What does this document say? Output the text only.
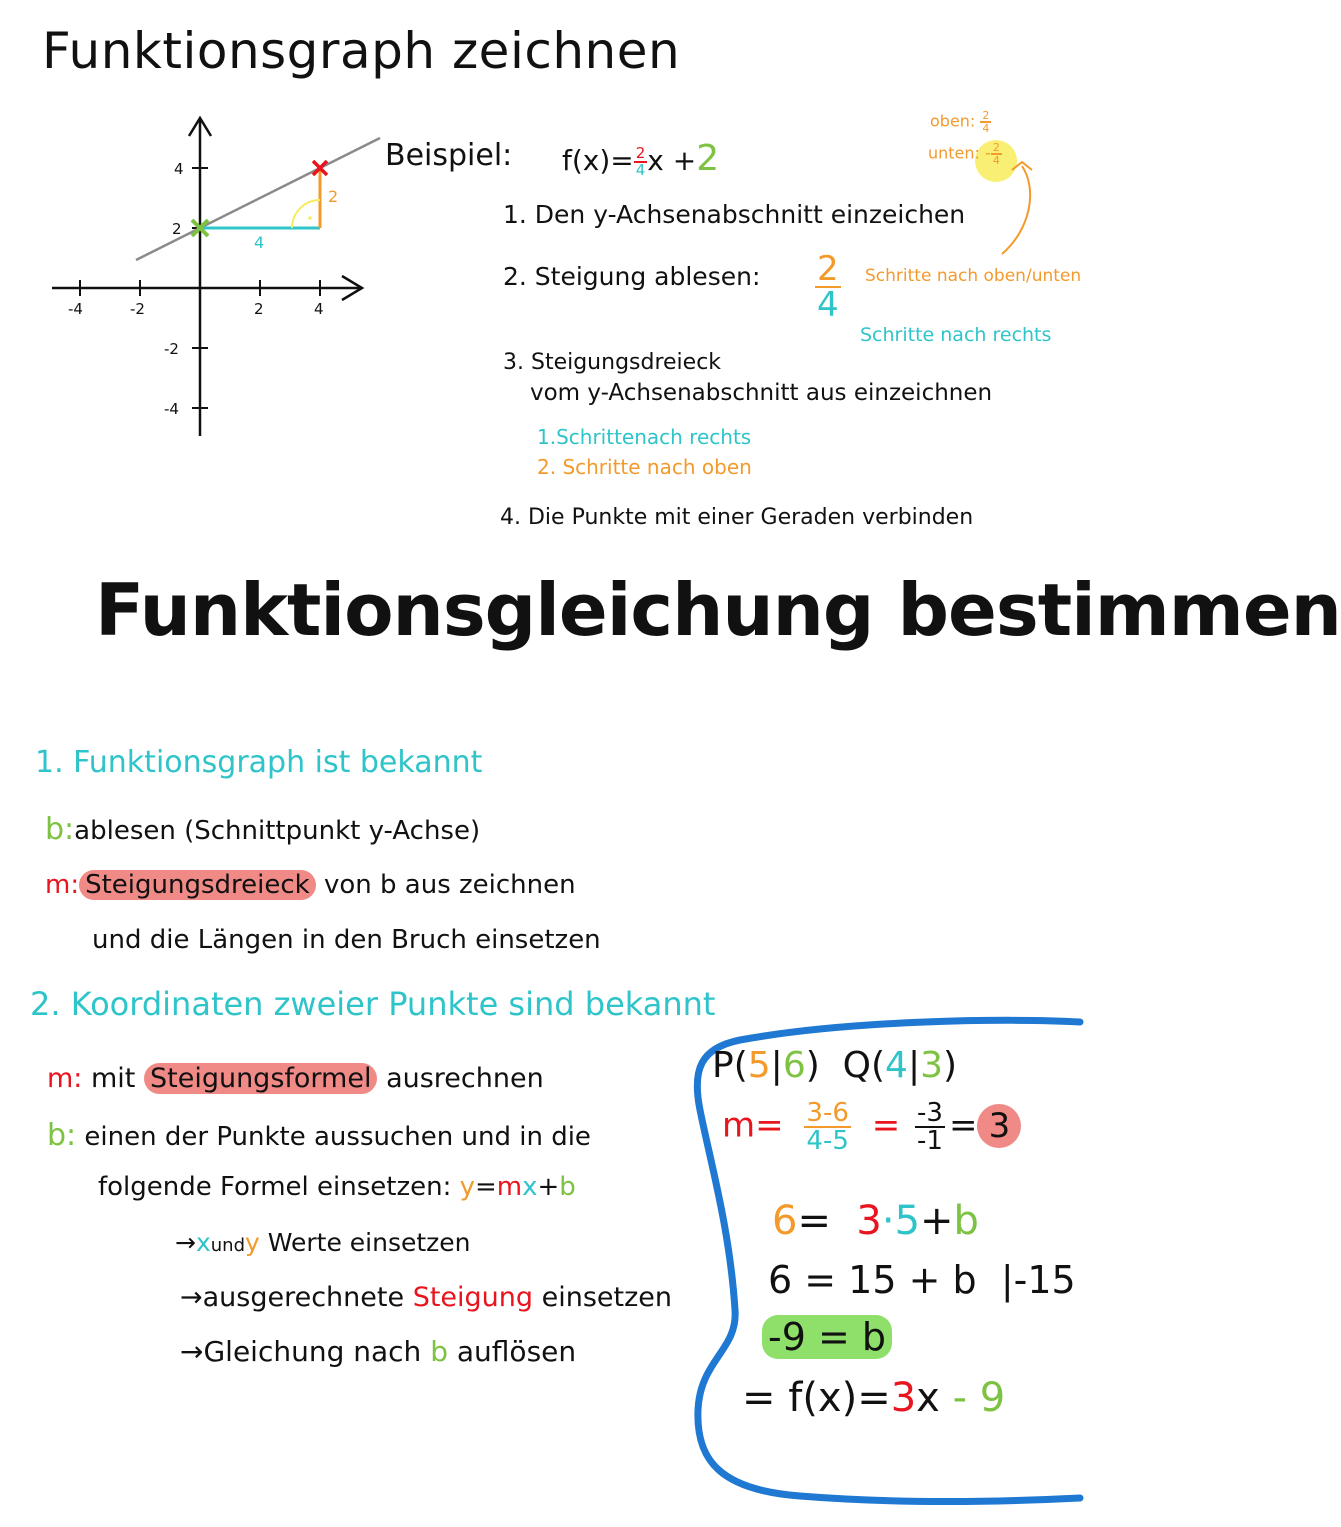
Funktionsgraph zeichnen
-4	-2	2	4
4
2
-2
-4
4
2
Beispiel: $f(x)= \frac{2}{4}$ x +2
oben: $\frac{2}{4}$
unten: - $\frac{2}{4}$
1. Den y-Achsenabschnitt einzeichen
2. Steigung ablesen: $\frac{2}{4}$ Schritte nach oben/unten
Schritte nach rechts
3. Steigungsdreieck
vom y-Achsenabschnitt aus einzeichnen
1.Schrittenach rechts
2. Schritte nach oben
4. Die Punkte mit einer Geraden verbinden
Funktionsgleichung bestimmen
1. Funktionsgraph ist bekannt
b:ablesen (Schnittpunkt y-Achse)
m: Steigungsdreieck von b aus zeichnen
und die Längen in den Bruch einsetzen
2. Koordinaten zweier Punkte sind bekannt
m: mit Steigungsformel ausrechnen
b: einen der Punkte aussuchen und in die
folgende Formel einsetzen: y=mx+b
→xundy Werte einsetzen
→ausgerechnete Steigung einsetzen
→Gleichung nach b auflösen
P(5|6) Q(4|3)
$m= \frac{3-6}{4-5} = \frac{-3}{-1} = 3$
6= 3·5+b
6 = 15 + b |-15
-9 = b
= f(x)=3x - 9
